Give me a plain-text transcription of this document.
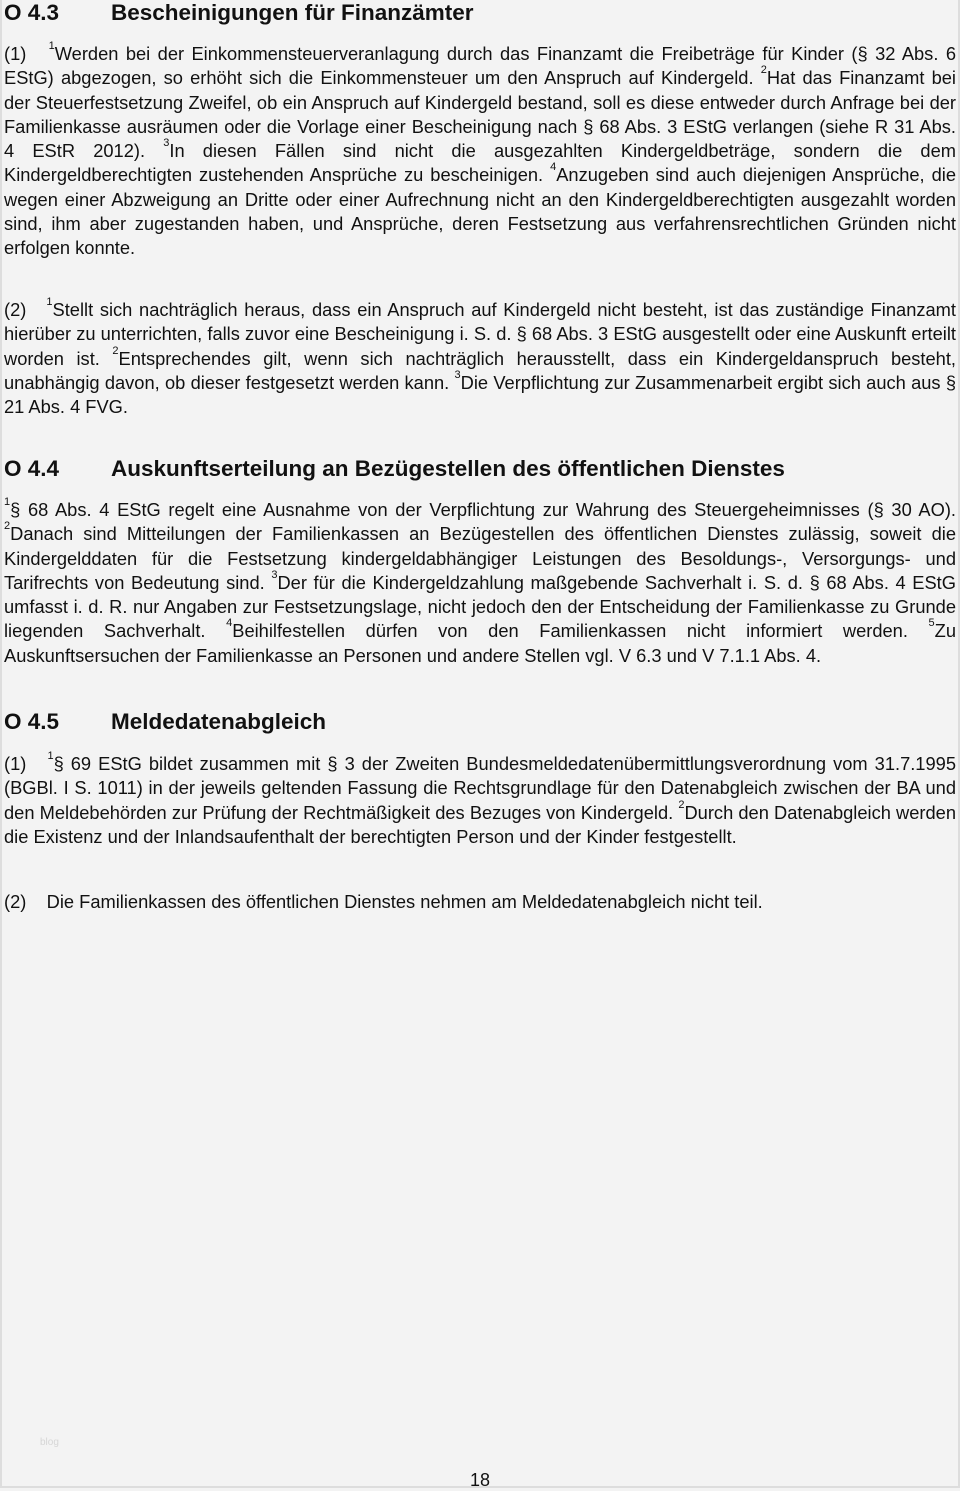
O 4.3	Bescheinigungen für Finanzämter

(1) $^1$Werden bei der Einkommensteuerveranlagung durch das Finanzamt die Freibeträge für Kinder (§ 32 Abs. 6 EStG) abgezogen, so erhöht sich die Einkommensteuer um den Anspruch auf Kindergeld. $^2$Hat das Finanzamt bei der Steuerfestsetzung Zweifel, ob ein Anspruch auf Kindergeld bestand, soll es diese entweder durch Anfrage bei der Familienkasse ausräumen oder die Vorlage einer Bescheinigung nach § 68 Abs. 3 EStG verlangen (siehe R 31 Abs. 4 EStR 2012). $^3$In diesen Fällen sind nicht die ausgezahlten Kindergeldbeträge, sondern die dem Kindergeldberechtigten zustehenden Ansprüche zu bescheinigen. $^4$Anzugeben sind auch diejenigen Ansprüche, die wegen einer Abzweigung an Dritte oder einer Aufrechnung nicht an den Kindergeldberechtigten ausgezahlt worden sind, ihm aber zugestanden haben, und Ansprüche, deren Festsetzung aus verfahrensrechtlichen Gründen nicht erfolgen konnte.

(2) $^1$Stellt sich nachträglich heraus, dass ein Anspruch auf Kindergeld nicht besteht, ist das zuständige Finanzamt hierüber zu unterrichten, falls zuvor eine Bescheinigung i. S. d. § 68 Abs. 3 EStG ausgestellt oder eine Auskunft erteilt worden ist. $^2$Entsprechendes gilt, wenn sich nachträglich herausstellt, dass ein Kindergeldanspruch besteht, unabhängig davon, ob dieser festgesetzt werden kann. $^3$Die Verpflichtung zur Zusammenarbeit ergibt sich auch aus § 21 Abs. 4 FVG.

O 4.4	Auskunftserteilung an Bezügestellen des öffentlichen Dienstes

$^1$§ 68 Abs. 4 EStG regelt eine Ausnahme von der Verpflichtung zur Wahrung des Steuergeheimnisses (§ 30 AO). $^2$Danach sind Mitteilungen der Familienkassen an Bezügestellen des öffentlichen Dienstes zulässig, soweit die Kindergelddaten für die Festsetzung kindergeldabhängiger Leistungen des Besoldungs-, Versorgungs- und Tarifrechts von Bedeutung sind. $^3$Der für die Kindergeldzahlung maßgebende Sachverhalt i. S. d. § 68 Abs. 4 EStG umfasst i. d. R. nur Angaben zur Festsetzungslage, nicht jedoch den der Entscheidung der Familienkasse zu Grunde liegenden Sachverhalt. $^4$Beihilfestellen dürfen von den Familienkassen nicht informiert werden. $^5$Zu Auskunftsersuchen der Familienkasse an Personen und andere Stellen vgl. V 6.3 und V 7.1.1 Abs. 4.

O 4.5	Meldedatenabgleich

(1) $^1$§ 69 EStG bildet zusammen mit § 3 der Zweiten Bundesmeldedatenübermittlungsverordnung vom 31.7.1995 (BGBl. I S. 1011) in der jeweils geltenden Fassung die Rechtsgrundlage für den Datenabgleich zwischen der BA und den Meldebehörden zur Prüfung der Rechtmäßigkeit des Bezuges von Kindergeld. $^2$Durch den Datenabgleich werden die Existenz und der Inlandsaufenthalt der berechtigten Person und der Kinder festgestellt.

(2) Die Familienkassen des öffentlichen Dienstes nehmen am Meldedatenabgleich nicht teil.

blog
18
